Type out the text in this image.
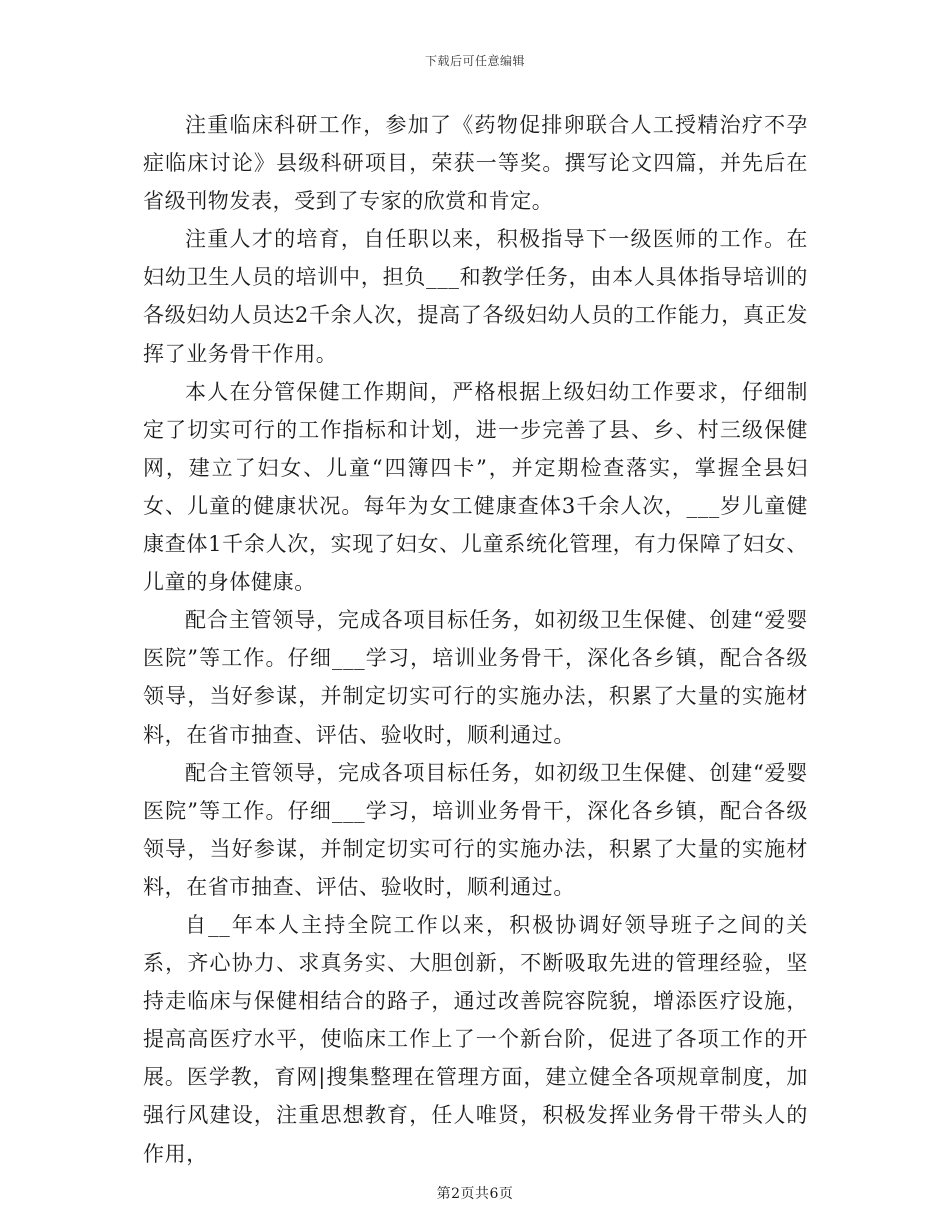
下载后可任意编辑

注重临床科研工作，参加了《药物促排卵联合人工授精治疗不孕症临床讨论》县级科研项目，荣获一等奖。撰写论文四篇，并先后在省级刊物发表，受到了专家的欣赏和肯定。

注重人才的培育，自任职以来，积极指导下一级医师的工作。在妇幼卫生人员的培训中，担负___和教学任务，由本人具体指导培训的各级妇幼人员达2千余人次，提高了各级妇幼人员的工作能力，真正发挥了业务骨干作用。

本人在分管保健工作期间，严格根据上级妇幼工作要求，仔细制定了切实可行的工作指标和计划，进一步完善了县、乡、村三级保健网，建立了妇女、儿童“四簿四卡”，并定期检查落实，掌握全县妇女、儿童的健康状况。每年为女工健康查体3千余人次，___岁儿童健康查体1千余人次，实现了妇女、儿童系统化管理，有力保障了妇女、儿童的身体健康。

配合主管领导，完成各项目标任务，如初级卫生保健、创建“爱婴医院”等工作。仔细___学习，培训业务骨干，深化各乡镇，配合各级领导，当好参谋，并制定切实可行的实施办法，积累了大量的实施材料，在省市抽查、评估、验收时，顺利通过。

配合主管领导，完成各项目标任务，如初级卫生保健、创建“爱婴医院”等工作。仔细___学习，培训业务骨干，深化各乡镇，配合各级领导，当好参谋，并制定切实可行的实施办法，积累了大量的实施材料，在省市抽查、评估、验收时，顺利通过。

自__年本人主持全院工作以来，积极协调好领导班子之间的关系，齐心协力、求真务实、大胆创新，不断吸取先进的管理经验，坚持走临床与保健相结合的路子，通过改善院容院貌，增添医疗设施，提高高医疗水平，使临床工作上了一个新台阶，促进了各项工作的开展。医学教，育网|搜集整理在管理方面，建立健全各项规章制度，加强行风建设，注重思想教育，任人唯贤，积极发挥业务骨干带头人的作用，

第2页共6页
